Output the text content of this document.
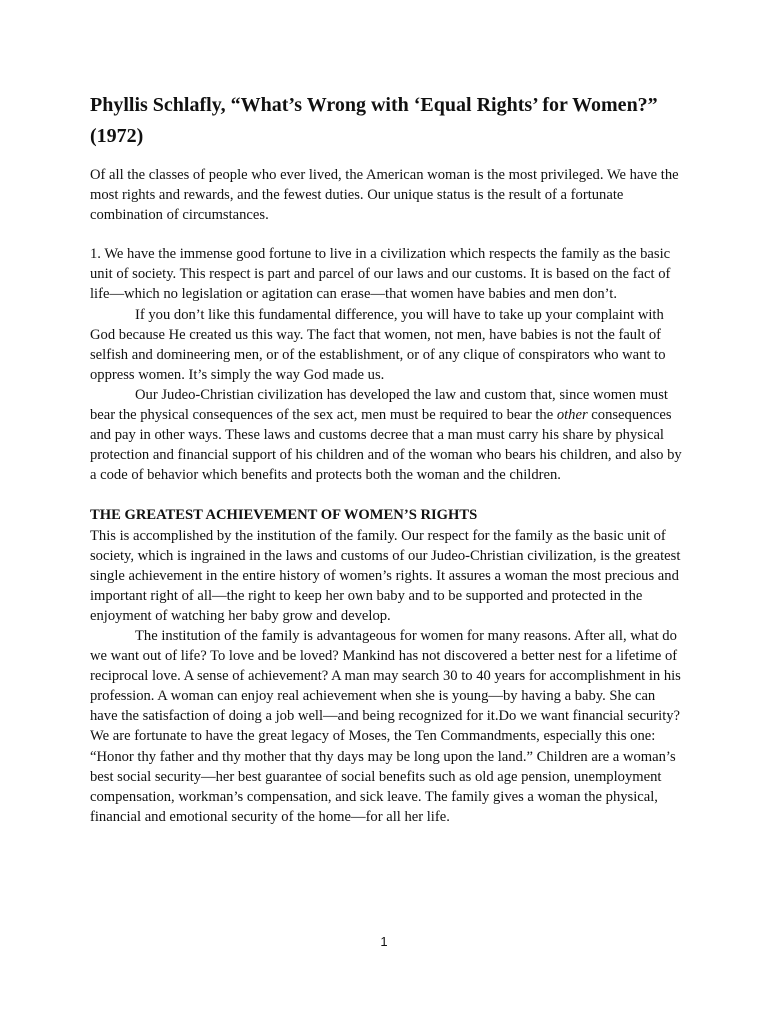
Phyllis Schlafly, “What’s Wrong with ‘Equal Rights’ for Women?” (1972)

Of all the classes of people who ever lived, the American woman is the most privileged. We have the most rights and rewards, and the fewest duties. Our unique status is the result of a fortunate combination of circumstances.

1. We have the immense good fortune to live in a civilization which respects the family as the basic unit of society. This respect is part and parcel of our laws and our customs. It is based on the fact of life—which no legislation or agitation can erase—that women have babies and men don’t.

If you don’t like this fundamental difference, you will have to take up your complaint with God because He created us this way. The fact that women, not men, have babies is not the fault of selfish and domineering men, or of the establishment, or of any clique of conspirators who want to oppress women. It’s simply the way God made us.

Our Judeo-Christian civilization has developed the law and custom that, since women must bear the physical consequences of the sex act, men must be required to bear the other consequences and pay in other ways. These laws and customs decree that a man must carry his share by physical protection and financial support of his children and of the woman who bears his children, and also by a code of behavior which benefits and protects both the woman and the children.

THE GREATEST ACHIEVEMENT OF WOMEN’S RIGHTS

This is accomplished by the institution of the family. Our respect for the family as the basic unit of society, which is ingrained in the laws and customs of our Judeo-Christian civilization, is the greatest single achievement in the entire history of women’s rights. It assures a woman the most precious and important right of all—the right to keep her own baby and to be supported and protected in the enjoyment of watching her baby grow and develop.

The institution of the family is advantageous for women for many reasons. After all, what do we want out of life? To love and be loved? Mankind has not discovered a better nest for a lifetime of reciprocal love. A sense of achievement? A man may search 30 to 40 years for accomplishment in his profession. A woman can enjoy real achievement when she is young—by having a baby. She can have the satisfaction of doing a job well—and being recognized for it.Do we want financial security? We are fortunate to have the great legacy of Moses, the Ten Commandments, especially this one: “Honor thy father and thy mother that thy days may be long upon the land.” Children are a woman’s best social security—her best guarantee of social benefits such as old age pension, unemployment compensation, workman’s compensation, and sick leave. The family gives a woman the physical, financial and emotional security of the home—for all her life.

1
